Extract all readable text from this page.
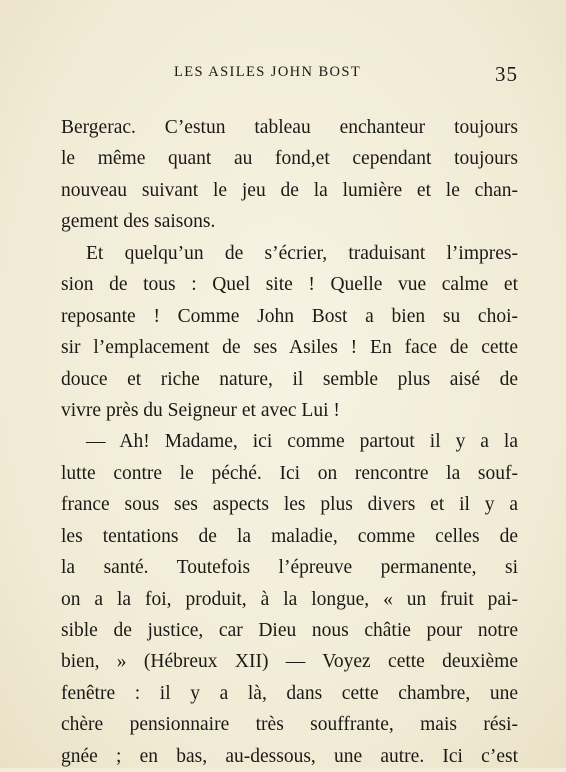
LES ASILES JOHN BOST	35
Bergerac. C’estun tableau enchanteur toujours
le même quant au fond,et cependant toujours
nouveau suivant le jeu de la lumière et le chan-
gement des saisons.
Et quelqu’un de s’écrier, traduisant l’impres-
sion de tous : Quel site ! Quelle vue calme et
reposante ! Comme John Bost a bien su choi-
sir l’emplacement de ses Asiles ! En face de cette
douce et riche nature, il semble plus aisé de
vivre près du Seigneur et avec Lui !
— Ah! Madame, ici comme partout il y a la
lutte contre le péché. Ici on rencontre la souf-
france sous ses aspects les plus divers et il y a
les tentations de la maladie, comme celles de
la santé. Toutefois l’épreuve permanente, si
on a la foi, produit, à la longue, « un fruit pai-
sible de justice, car Dieu nous châtie pour notre
bien, » (Hébreux XII) — Voyez cette deuxième
fenêtre : il y a là, dans cette chambre, une
chère pensionnaire très souffrante, mais rési-
gnée ; en bas, au-dessous, une autre. Ici c’est
